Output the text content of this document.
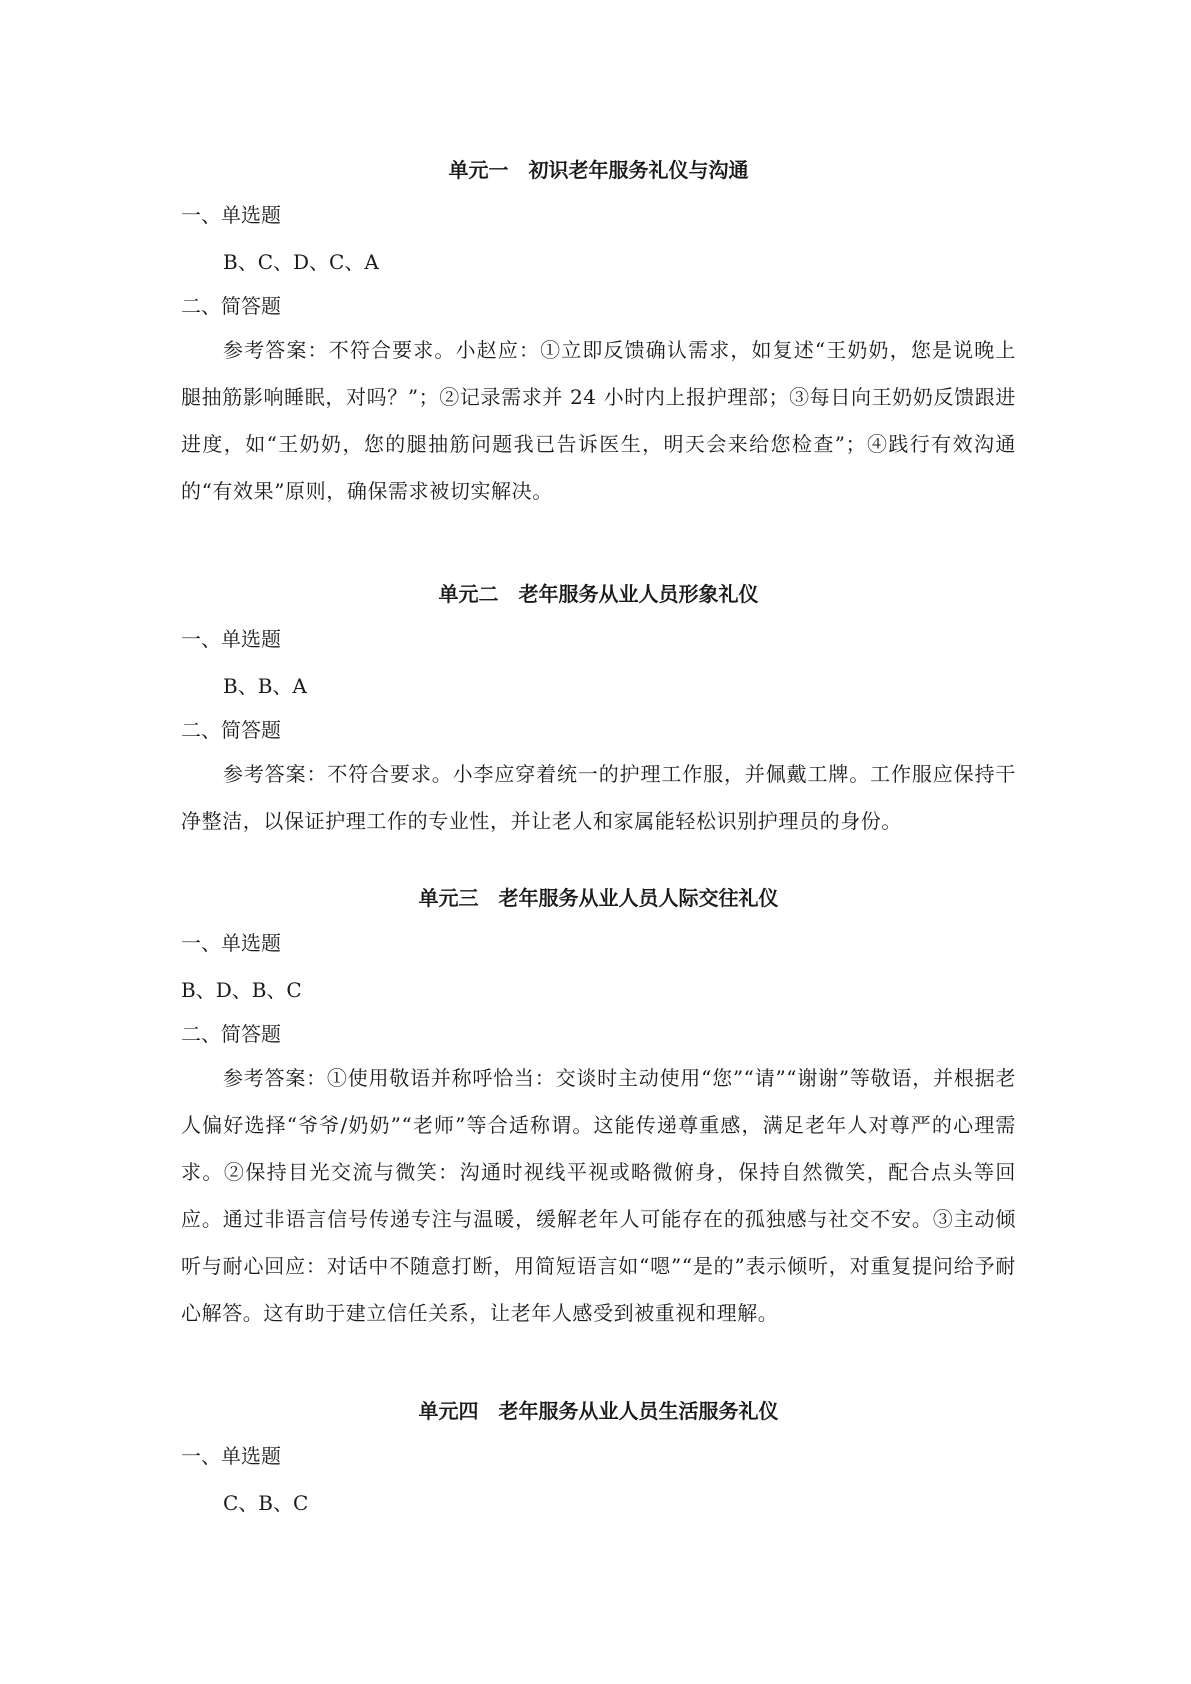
单元一　初识老年服务礼仪与沟通

一、单选题

B、C、D、C、A

二、简答题

参考答案：不符合要求。小赵应：①立即反馈确认需求，如复述“王奶奶，您是说晚上腿抽筋影响睡眠，对吗？”；②记录需求并 24 小时内上报护理部；③每日向王奶奶反馈跟进进度，如“王奶奶，您的腿抽筋问题我已告诉医生，明天会来给您检查”；④践行有效沟通的“有效果”原则，确保需求被切实解决。

单元二　老年服务从业人员形象礼仪

一、单选题

B、B、A

二、简答题

参考答案：不符合要求。小李应穿着统一的护理工作服，并佩戴工牌。工作服应保持干净整洁，以保证护理工作的专业性，并让老人和家属能轻松识别护理员的身份。

单元三　老年服务从业人员人际交往礼仪

一、单选题

B、D、B、C

二、简答题

参考答案：①使用敬语并称呼恰当：交谈时主动使用“您”“请”“谢谢”等敬语，并根据老人偏好选择“爷爷/奶奶”“老师”等合适称谓。这能传递尊重感，满足老年人对尊严的心理需求。②保持目光交流与微笑：沟通时视线平视或略微俯身，保持自然微笑，配合点头等回应。通过非语言信号传递专注与温暖，缓解老年人可能存在的孤独感与社交不安。③主动倾听与耐心回应：对话中不随意打断，用简短语言如“嗯”“是的”表示倾听，对重复提问给予耐心解答。这有助于建立信任关系，让老年人感受到被重视和理解。

单元四　老年服务从业人员生活服务礼仪

一、单选题

C、B、C
